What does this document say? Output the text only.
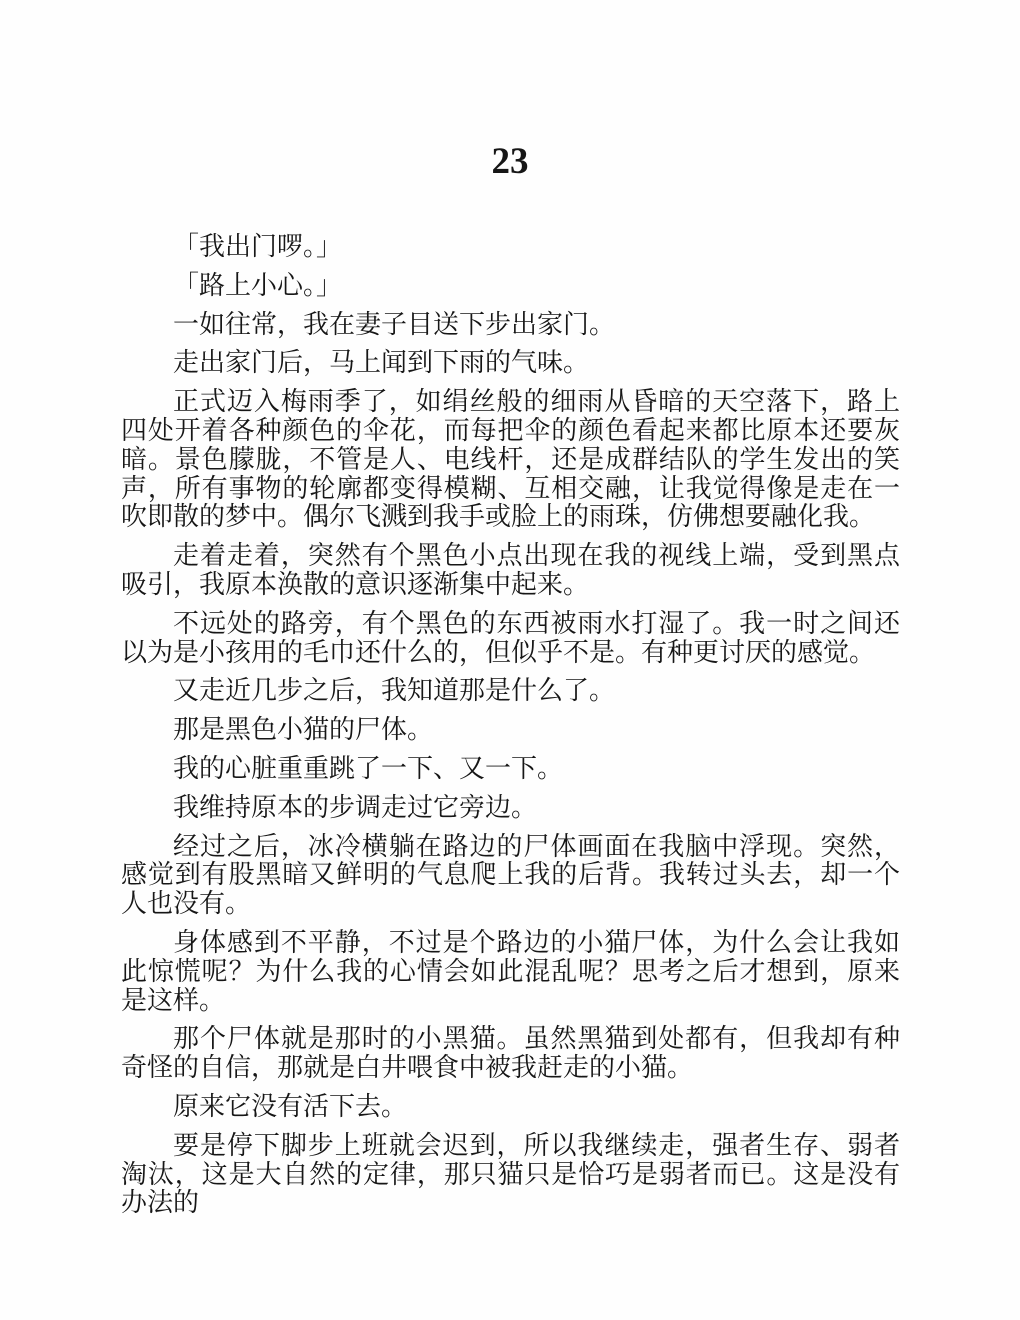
23

「我出门啰。」

「路上小心。」

一如往常，我在妻子目送下步出家门。

走出家门后，马上闻到下雨的气味。

正式迈入梅雨季了，如绢丝般的细雨从昏暗的天空落下，路上四处开着各种颜色的伞花，而每把伞的颜色看起来都比原本还要灰暗。景色朦胧，不管是人、电线杆，还是成群结队的学生发出的笑声，所有事物的轮廓都变得模糊、互相交融，让我觉得像是走在一吹即散的梦中。偶尔飞溅到我手或脸上的雨珠，仿佛想要融化我。

走着走着，突然有个黑色小点出现在我的视线上端，受到黑点吸引，我原本涣散的意识逐渐集中起来。

不远处的路旁，有个黑色的东西被雨水打湿了。我一时之间还以为是小孩用的毛巾还什么的，但似乎不是。有种更讨厌的感觉。

又走近几步之后，我知道那是什么了。

那是黑色小猫的尸体。

我的心脏重重跳了一下、又一下。

我维持原本的步调走过它旁边。

经过之后，冰冷横躺在路边的尸体画面在我脑中浮现。突然，感觉到有股黑暗又鲜明的气息爬上我的后背。我转过头去，却一个人也没有。

身体感到不平静，不过是个路边的小猫尸体，为什么会让我如此惊慌呢？为什么我的心情会如此混乱呢？思考之后才想到，原来是这样。

那个尸体就是那时的小黑猫。虽然黑猫到处都有，但我却有种奇怪的自信，那就是白井喂食中被我赶走的小猫。

原来它没有活下去。

要是停下脚步上班就会迟到，所以我继续走，强者生存、弱者淘汰，这是大自然的定律，那只猫只是恰巧是弱者而已。这是没有办法的
